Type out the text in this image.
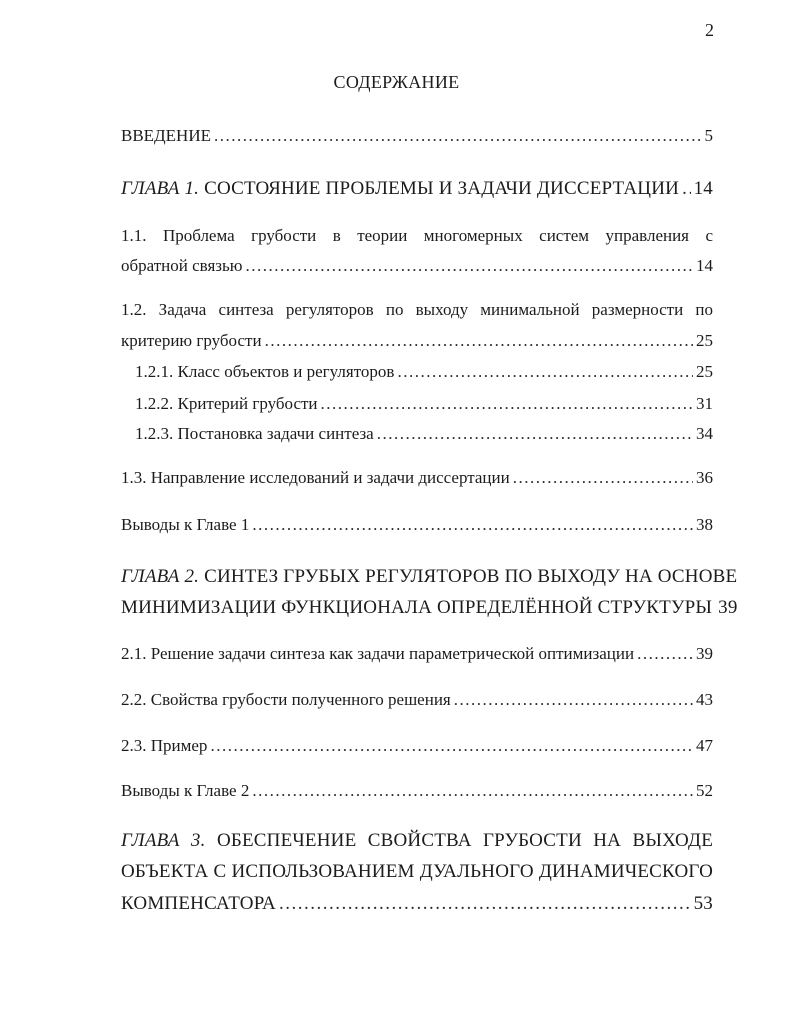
2
СОДЕРЖАНИЕ
ВВЕДЕНИЕ .....	5
ГЛАВА 1.
СОСТОЯНИЕ ПРОБЛЕМЫ И ЗАДАЧИ ДИССЕРТАЦИИ ..... 14
1.1. Проблема грубости в теории многомерных систем управления с
обратной связью .....	14
1.2. Задача синтеза регуляторов по выходу минимальной размерности по
критерию грубости .....	25
1.2.1. Класс объектов и регуляторов .....	25
1.2.2. Критерий грубости .....	31
1.2.3. Постановка задачи синтеза .....	34
1.3. Направление исследований и задачи диссертации .....	36
Выводы к Главе 1 .....	38
ГЛАВА 2. СИНТЕЗ ГРУБЫХ РЕГУЛЯТОРОВ ПО ВЫХОДУ НА ОСНОВЕ
МИНИМИЗАЦИИ ФУНКЦИОНАЛА ОПРЕДЕЛЁННОЙ СТРУКТУРЫ 39
2.1. Решение задачи синтеза как задачи параметрической оптимизации .....	39
2.2. Свойства грубости полученного решения .....	43
2.3. Пример .....	47
Выводы к Главе 2 .....	52
ГЛАВА 3. ОБЕСПЕЧЕНИЕ СВОЙСТВА ГРУБОСТИ НА ВЫХОДЕ
ОБЪЕКТА С ИСПОЛЬЗОВАНИЕМ ДУАЛЬНОГО ДИНАМИЧЕСКОГО
КОМПЕНСАТОРА .....	53
